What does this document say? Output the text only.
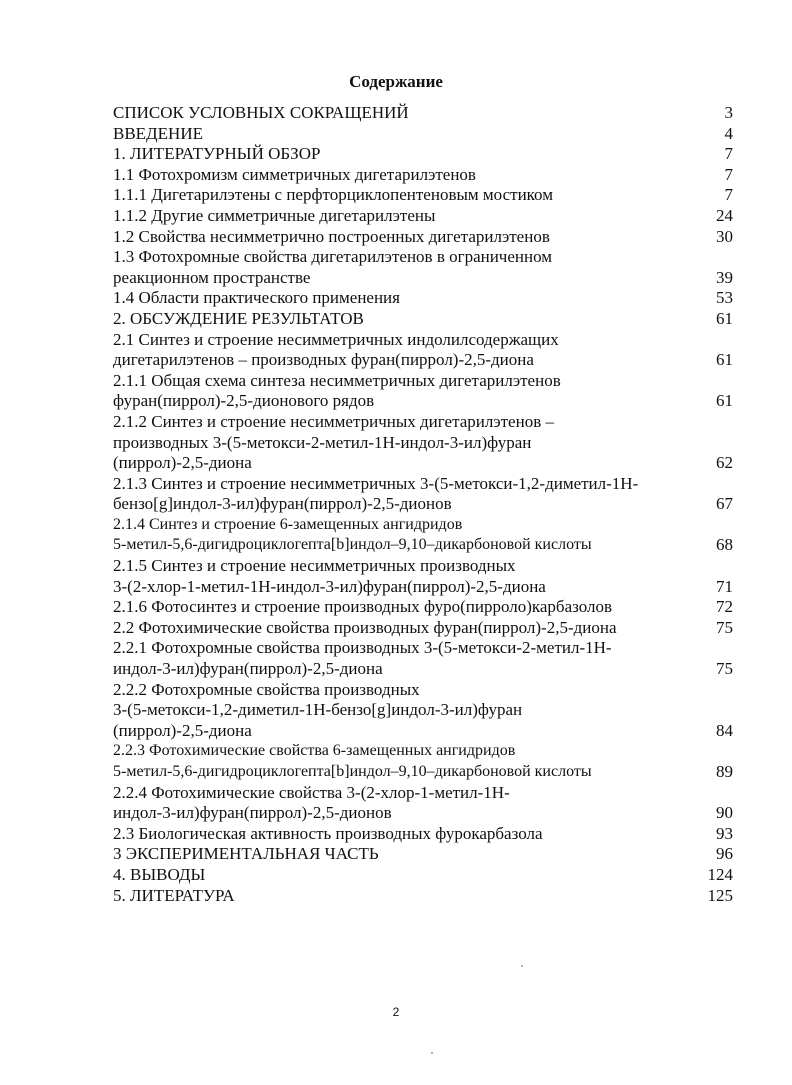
Содержание
СПИСОК УСЛОВНЫХ СОКРАЩЕНИЙ	3
ВВЕДЕНИЕ	4
1. ЛИТЕРАТУРНЫЙ ОБЗОР	7
1.1 Фотохромизм симметричных дигетарилэтенов	7
1.1.1 Дигетарилэтены с перфторциклопентеновым мостиком	7
1.1.2 Другие симметричные дигетарилэтены	24
1.2 Свойства несимметрично построенных дигетарилэтенов	30
1.3 Фотохромные свойства дигетарилэтенов в ограниченном
реакционном пространстве	39
1.4 Области практического применения	53
2. ОБСУЖДЕНИЕ РЕЗУЛЬТАТОВ	61
2.1 Синтез и строение несимметричных индолилсодержащих
дигетарилэтенов – производных фуран(пиррол)-2,5-диона	61
2.1.1 Общая схема синтеза несимметричных дигетарилэтенов
фуран(пиррол)-2,5-дионового рядов	61
2.1.2 Синтез и строение несимметричных дигетарилэтенов –
производных 3-(5-метокси-2-метил-1H-индол-3-ил)фуран
(пиррол)-2,5-диона	62
2.1.3 Синтез и строение несимметричных 3-(5-метокси-1,2-диметил-1H-
бензо[g]индол-3-ил)фуран(пиррол)-2,5-дионов	67
2.1.4 Синтез и строение 6-замещенных ангидридов
5-метил-5,6-дигидроциклогепта[b]индол–9,10–дикарбоновой кислоты	68
2.1.5 Синтез и строение несимметричных производных
3-(2-хлор-1-метил-1H-индол-3-ил)фуран(пиррол)-2,5-диона	71
2.1.6 Фотосинтез и строение производных фуро(пирроло)карбазолов	72
2.2 Фотохимические свойства производных фуран(пиррол)-2,5-диона	75
2.2.1 Фотохромные свойства производных 3-(5-метокси-2-метил-1H-
индол-3-ил)фуран(пиррол)-2,5-диона	75
2.2.2 Фотохромные свойства производных
3-(5-метокси-1,2-диметил-1H-бензо[g]индол-3-ил)фуран
(пиррол)-2,5-диона	84
2.2.3 Фотохимические свойства 6-замещенных ангидридов
5-метил-5,6-дигидроциклогепта[b]индол–9,10–дикарбоновой кислоты	89
2.2.4 Фотохимические свойства 3-(2-хлор-1-метил-1H-
индол-3-ил)фуран(пиррол)-2,5-дионов	90
2.3 Биологическая активность производных фурокарбазола	93
3 ЭКСПЕРИМЕНТАЛЬНАЯ ЧАСТЬ	96
4. ВЫВОДЫ	124
5. ЛИТЕРАТУРА	125
2
